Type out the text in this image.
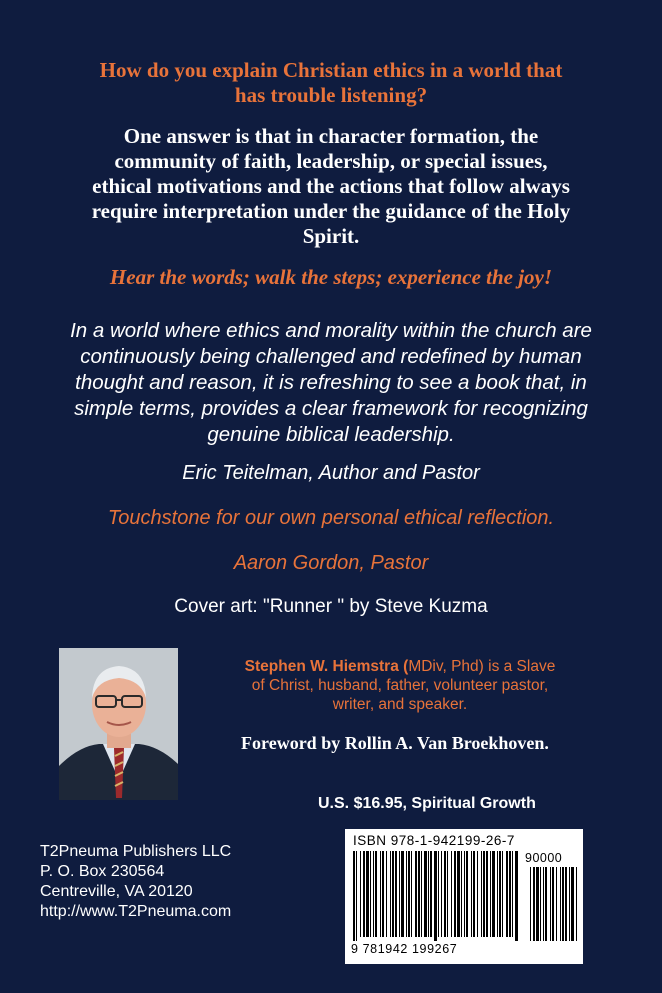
How do you explain Christian ethics in a world that
has trouble listening?
One answer is that in character formation, the
community of faith, leadership, or special issues,
ethical motivations and the actions that follow always
require interpretation under the guidance of the Holy
Spirit.
Hear the words; walk the steps; experience the joy!
In a world where ethics and morality within the church are
continuously being challenged and redefined by human
thought and reason, it is refreshing to see a book that, in
simple terms, provides a clear framework for recognizing
genuine biblical leadership.
Eric Teitelman, Author and Pastor
Touchstone for our own personal ethical reflection.
Aaron Gordon, Pastor
Cover art: "Runner " by Steve Kuzma
Stephen W. Hiemstra (MDiv, Phd) is a Slave
of Christ, husband, father, volunteer pastor,
writer, and speaker.
Foreword by Rollin A. Van Broekhoven.
U.S. $16.95, Spiritual Growth
T2Pneuma Publishers LLC
P. O. Box 230564
Centreville, VA 20120
http://www.T2Pneuma.com
ISBN 978-1-942199-26-7
90000
9 781942 199267
